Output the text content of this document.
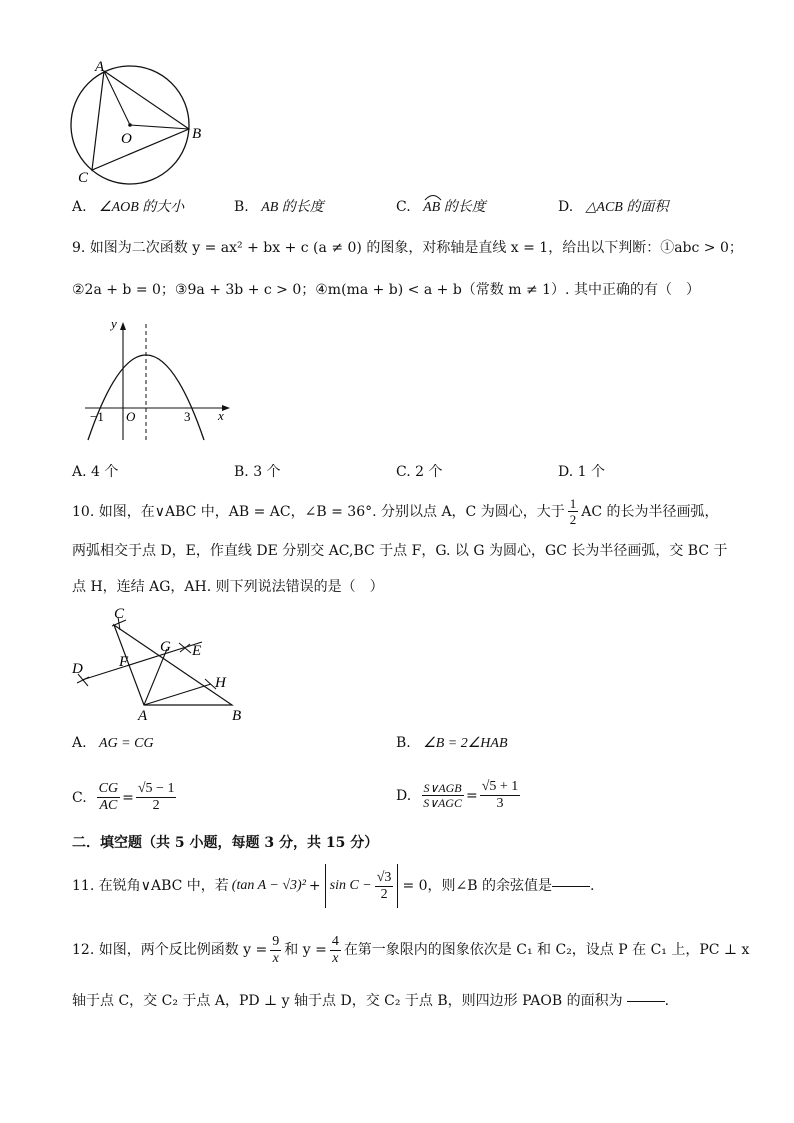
A
B
C
O
A. ∠AOB 的大小	B. AB 的长度	C. AB 的长度	D. △ACB 的面积
9. 如图为二次函数 y = ax² + bx + c (a ≠ 0) 的图象，对称轴是直线 x = 1，给出以下判断：①abc > 0；
②2a + b = 0；③9a + 3b + c > 0；④m(ma + b) < a + b（常数 m ≠ 1）. 其中正确的有（　）
y
x
O
−1	3
A. 4 个	B. 3 个	C. 2 个	D. 1 个
10. 如图，在∨ABC 中，AB = AC，∠B = 36°. 分别以点 A，C 为圆心，大于 $\frac{1}{2}$ AC 的长为半径画弧，
两弧相交于点 D，E，作直线 DE 分别交 AC,BC 于点 F，G. 以 G 为圆心，GC 长为半径画弧，交 BC 于
点 H，连结 AG，AH. 则下列说法错误的是（　）
C
G E
D F
H
A	B
A. AG = CG	B. ∠B = 2∠HAB
C. $\frac{CG}{AC} = \frac{√5 - 1}{2}$	D. $\frac{\text{S∨AGB}}{\text{S∨AGC}} = \frac{√5 + 1}{3}$
二．填空题（共 5 小题，每题 3 分，共 15 分）
11. 在锐角∨ABC 中，若 (tan $A - √3)^2 + \sin C - \frac{√3}{2} = 0$，则∠B 的余弦值是	.
12. 如图，两个反比例函数 $y = \frac{9}{x}$ 和 $y = \frac{4}{x}$ 在第一象限内的图象依次是 C₁ 和 C₂，设点 P 在 C₁ 上，PC ⊥ x
轴于点 C，交 C₂ 于点 A，PD ⊥ y 轴于点 D，交 C₂ 于点 B，则四边形 PAOB 的面积为	.
